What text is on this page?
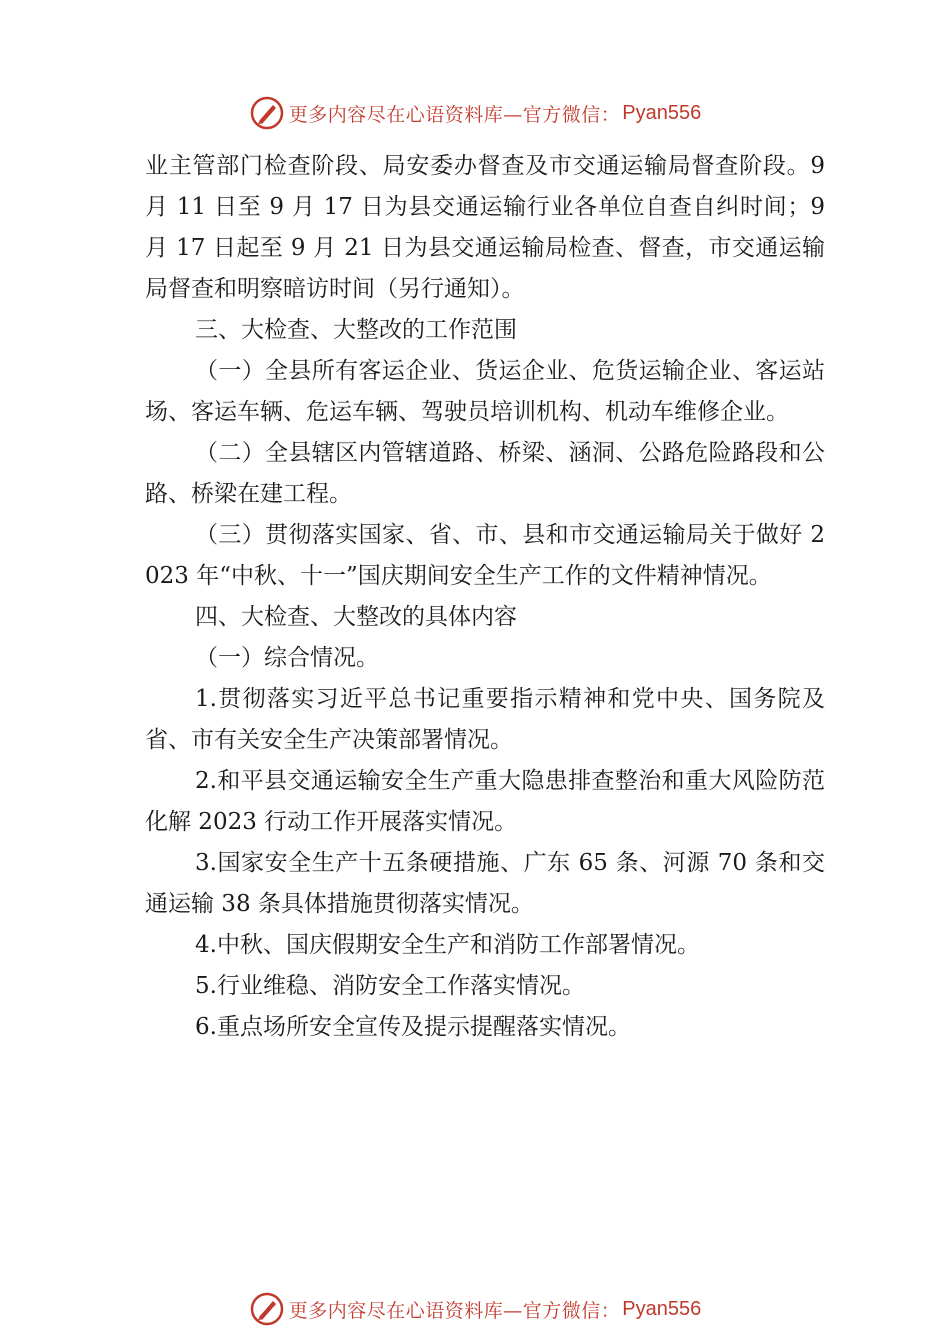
更多内容尽在心语资料库—官方微信： Pyan556

业主管部门检查阶段、局安委办督查及市交通运输局督查阶段。9 月 11 日至 9 月 17 日为县交通运输行业各单位自查自纠时间；9 月 17 日起至 9 月 21 日为县交通运输局检查、督查，市交通运输局督查和明察暗访时间（另行通知）。

三、大检查、大整改的工作范围

（一）全县所有客运企业、货运企业、危货运输企业、客运站场、客运车辆、危运车辆、驾驶员培训机构、机动车维修企业。

（二）全县辖区内管辖道路、桥梁、涵洞、公路危险路段和公路、桥梁在建工程。

（三）贯彻落实国家、省、市、县和市交通运输局关于做好 2023 年“中秋、十一”国庆期间安全生产工作的文件精神情况。

四、大检查、大整改的具体内容

（一）综合情况。

1.贯彻落实习近平总书记重要指示精神和党中央、国务院及省、市有关安全生产决策部署情况。

2.和平县交通运输安全生产重大隐患排查整治和重大风险防范化解 2023 行动工作开展落实情况。

3.国家安全生产十五条硬措施、广东 65 条、河源 70 条和交通运输 38 条具体措施贯彻落实情况。

4.中秋、国庆假期安全生产和消防工作部署情况。

5.行业维稳、消防安全工作落实情况。

6.重点场所安全宣传及提示提醒落实情况。

更多内容尽在心语资料库—官方微信： Pyan556
